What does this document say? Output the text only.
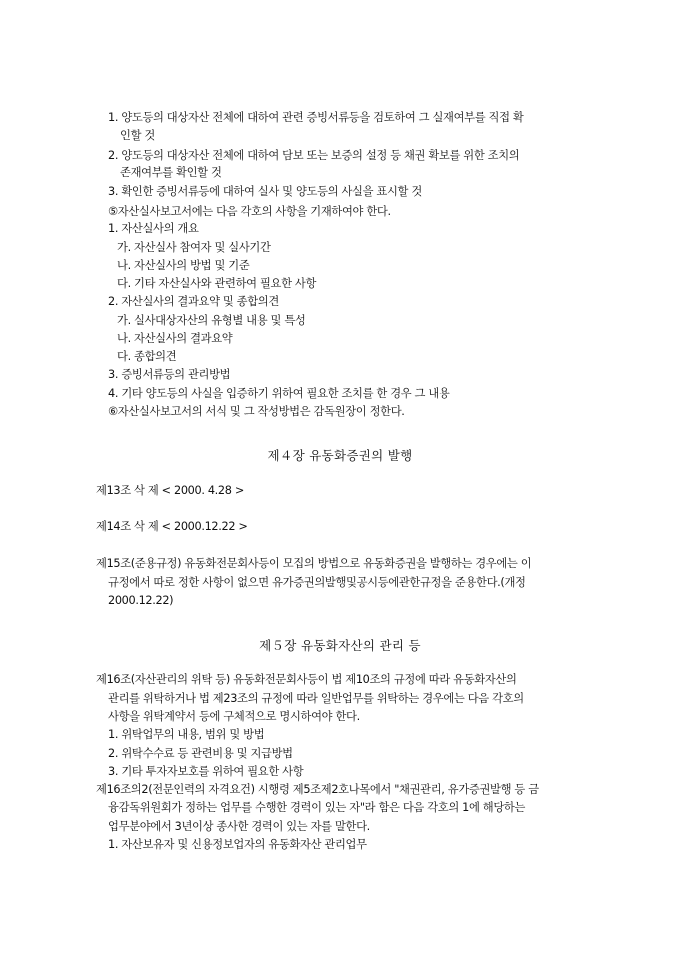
1. 양도등의 대상자산 전체에 대하여 관련 증빙서류등을 검토하여 그 실재여부를 직접 확
인할 것
2. 양도등의 대상자산 전체에 대하여 담보 또는 보증의 설정 등 채권 확보를 위한 조치의
존재여부를 확인할 것
3. 확인한 증빙서류등에 대하여 실사 및 양도등의 사실을 표시할 것
⑤자산실사보고서에는 다음 각호의 사항을 기재하여야 한다.
1. 자산실사의 개요
가. 자산실사 참여자 및 실사기간
나. 자산실사의 방법 및 기준
다. 기타 자산실사와 관련하여 필요한 사항
2. 자산실사의 결과요약 및 종합의견
가. 실사대상자산의 유형별 내용 및 특성
나. 자산실사의 결과요약
다. 종합의견
3. 증빙서류등의 관리방법
4. 기타 양도등의 사실을 입증하기 위하여 필요한 조치를 한 경우 그 내용
⑥자산실사보고서의 서식 및 그 작성방법은 감독원장이 정한다.
제４장 유동화증권의 발행
제13조 삭 제 < 2000. 4.28 >
제14조 삭 제 < 2000.12.22 >
제15조(준용규정) 유동화전문회사등이 모집의 방법으로 유동화증권을 발행하는 경우에는 이
규정에서 따로 정한 사항이 없으면 유가증권의발행및공시등에관한규정을 준용한다.(개정
2000.12.22)
제５장 유동화자산의 관리 등
제16조(자산관리의 위탁 등) 유동화전문회사등이 법 제10조의 규정에 따라 유동화자산의
관리를 위탁하거나 법 제23조의 규정에 따라 일반업무를 위탁하는 경우에는 다음 각호의
사항을 위탁계약서 등에 구체적으로 명시하여야 한다.
1. 위탁업무의 내용, 범위 및 방법
2. 위탁수수료 등 관련비용 및 지급방법
3. 기타 투자자보호를 위하여 필요한 사항
제16조의2(전문인력의 자격요건) 시행령 제5조제2호나목에서 "채권관리, 유가증권발행 등 금
융감독위원회가 정하는 업무를 수행한 경력이 있는 자"라 함은 다음 각호의 1에 해당하는
업무분야에서 3년이상 종사한 경력이 있는 자를 말한다.
1. 자산보유자 및 신용정보업자의 유동화자산 관리업무
